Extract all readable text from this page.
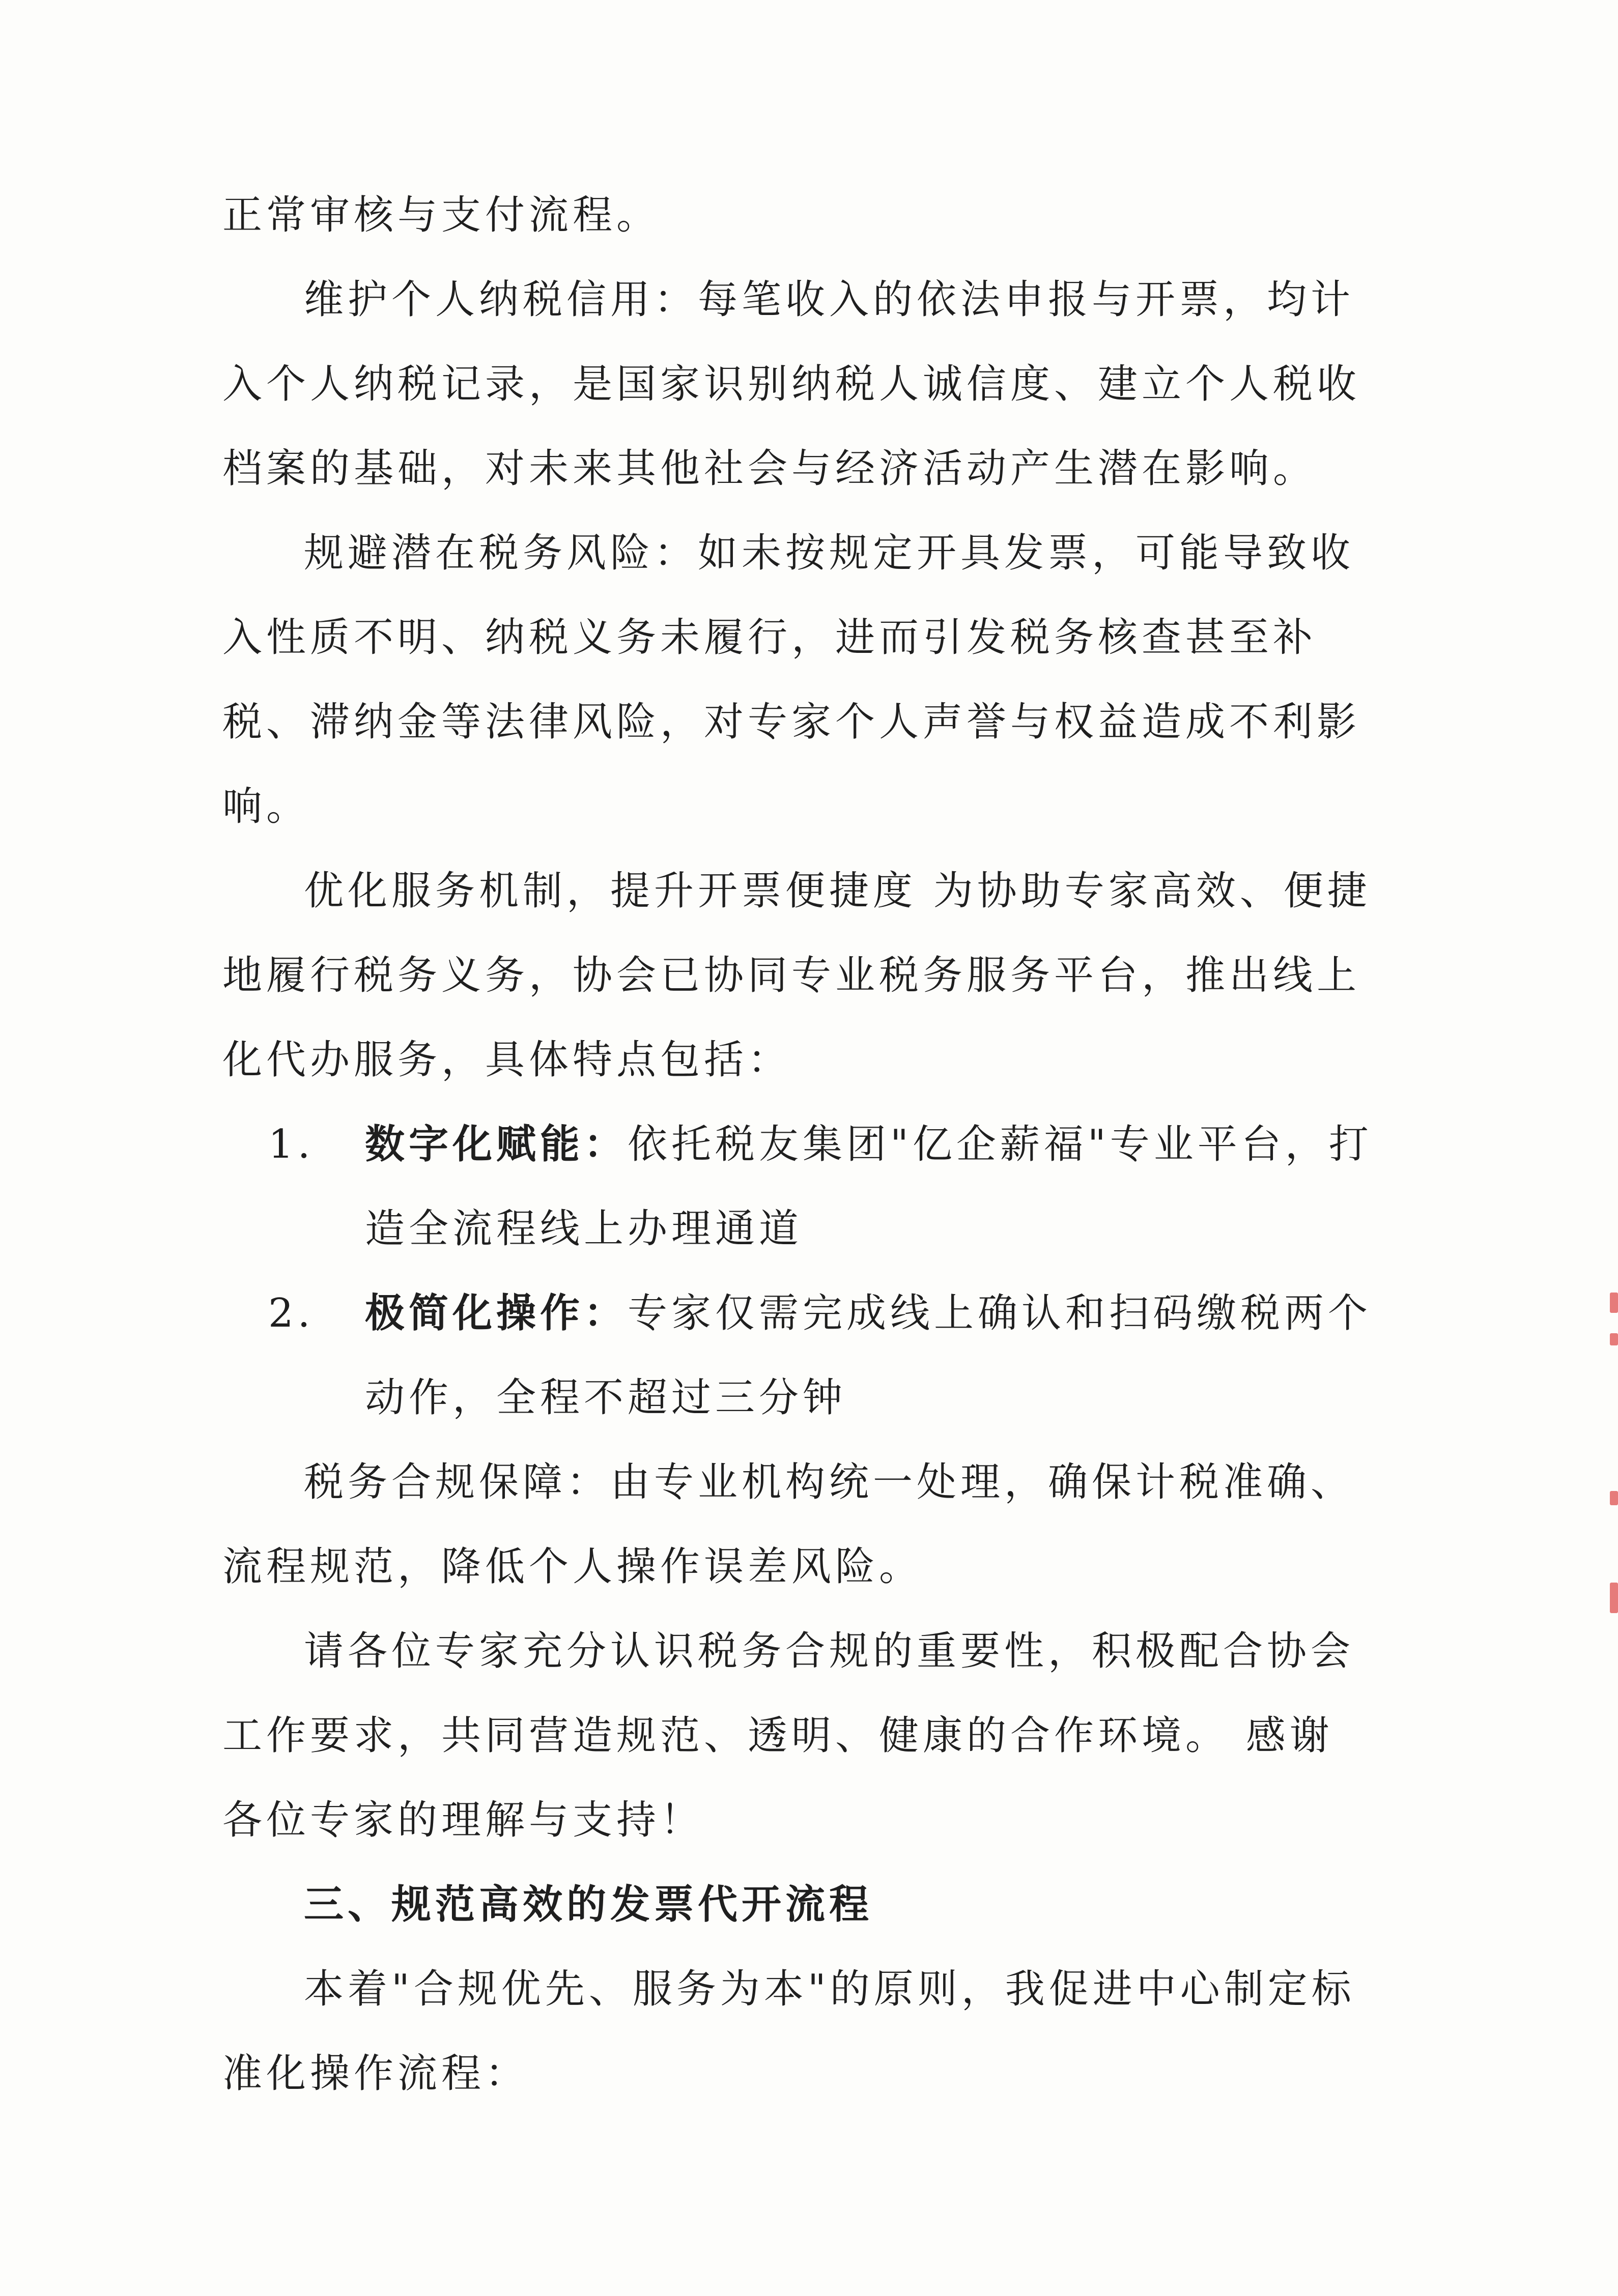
正常审核与支付流程。

维护个人纳税信用：每笔收入的依法申报与开票，均计入个人纳税记录，是国家识别纳税人诚信度、建立个人税收档案的基础，对未来其他社会与经济活动产生潜在影响。

规避潜在税务风险：如未按规定开具发票，可能导致收入性质不明、纳税义务未履行，进而引发税务核查甚至补税、滞纳金等法律风险，对专家个人声誉与权益造成不利影响。

优化服务机制，提升开票便捷度 为协助专家高效、便捷地履行税务义务，协会已协同专业税务服务平台，推出线上化代办服务，具体特点包括：

1.	数字化赋能：依托税友集团"亿企薪福"专业平台，打造全流程线上办理通道
2.	极简化操作：专家仅需完成线上确认和扫码缴税两个动作，全程不超过三分钟

税务合规保障：由专业机构统一处理，确保计税准确、流程规范，降低个人操作误差风险。

请各位专家充分认识税务合规的重要性，积极配合协会工作要求，共同营造规范、透明、健康的合作环境。 感谢各位专家的理解与支持！

三、规范高效的发票代开流程

本着"合规优先、服务为本"的原则，我促进中心制定标准化操作流程：
